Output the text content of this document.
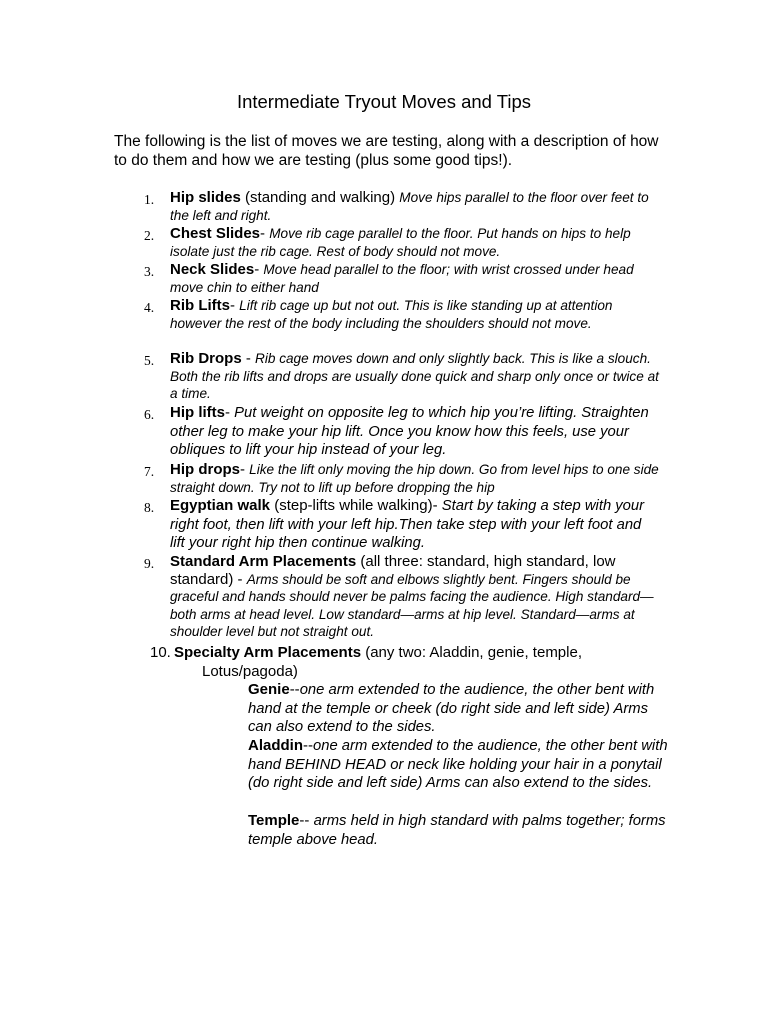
Intermediate Tryout Moves and Tips
The following is the list of moves we are testing, along with a description of how to do them and how we are testing (plus some good tips!).
1. Hip slides (standing and walking) Move hips parallel to the floor over feet to the left and right.
2. Chest Slides- Move rib cage parallel to the floor. Put hands on hips to help isolate just the rib cage. Rest of body should not move.
3. Neck Slides- Move head parallel to the floor; with wrist crossed under head move chin to either hand
4. Rib Lifts- Lift rib cage up but not out. This is like standing up at attention however the rest of the body including the shoulders should not move.
5. Rib Drops - Rib cage moves down and only slightly back. This is like a slouch. Both the rib lifts and drops are usually done quick and sharp only once or twice at a time.
6. Hip lifts- Put weight on opposite leg to which hip you’re lifting. Straighten other leg to make your hip lift. Once you know how this feels, use your obliques to lift your hip instead of your leg.
7. Hip drops- Like the lift only moving the hip down. Go from level hips to one side straight down. Try not to lift up before dropping the hip
8. Egyptian walk (step-lifts while walking)- Start by taking a step with your right foot, then lift with your left hip.Then take step with your left foot and lift your right hip then continue walking.
9. Standard Arm Placements (all three: standard, high standard, low standard) - Arms should be soft and elbows slightly bent. Fingers should be graceful and hands should never be palms facing the audience. High standard—both arms at head level. Low standard—arms at hip level. Standard—arms at shoulder level but not straight out.
10. Specialty Arm Placements (any two: Aladdin, genie, temple,
Lotus/pagoda)
Genie--one arm extended to the audience, the other bent with hand at the temple or cheek (do right side and left side) Arms can also extend to the sides.
Aladdin--one arm extended to the audience, the other bent with hand BEHIND HEAD or neck like holding your hair in a ponytail (do right side and left side) Arms can also extend to the sides.
Temple-- arms held in high standard with palms together; forms temple above head.
